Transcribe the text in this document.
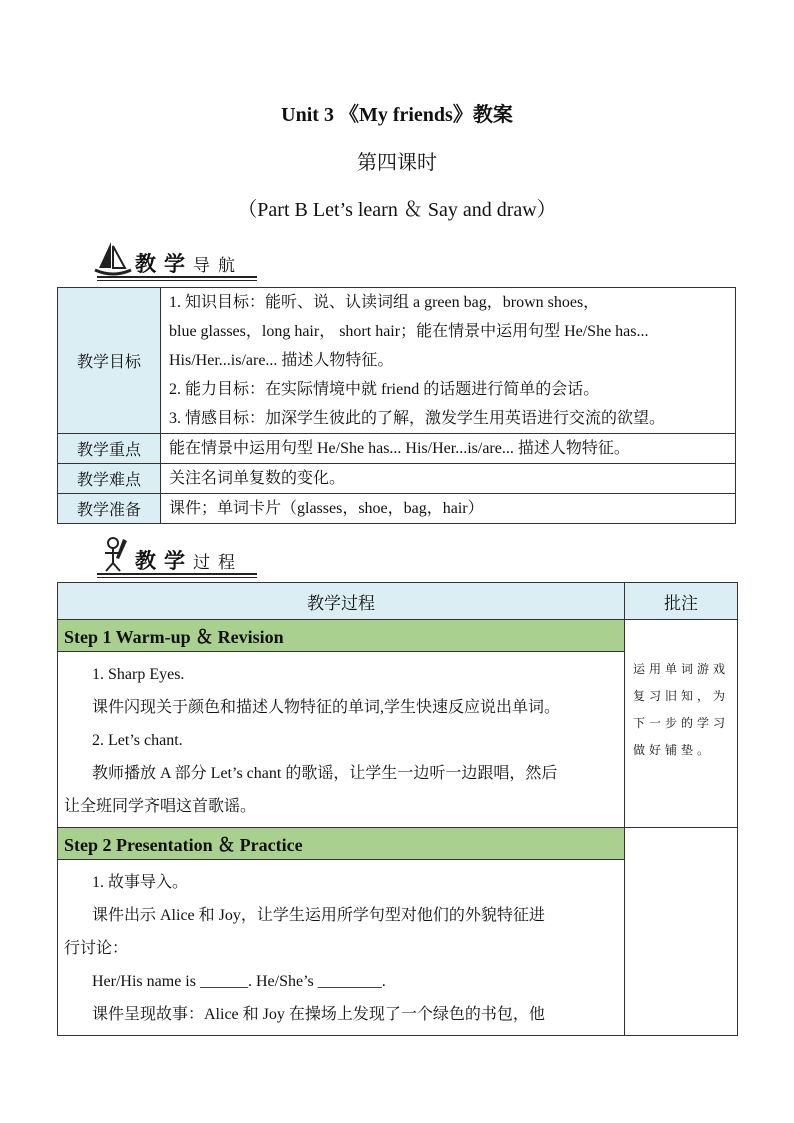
Unit 3 《My friends》教案
第四课时
（Part B Let’s learn ＆ Say and draw）
教学导航
教学目标	1. 知识目标：能听、说、认读词组 a green bag，brown shoes，
blue glasses，long hair， short hair；能在情景中运用句型 He/She has...
His/Her...is/are... 描述人物特征。
2. 能力目标：在实际情境中就 friend 的话题进行简单的会话。
3. 情感目标：加深学生彼此的了解，激发学生用英语进行交流的欲望。

教学重点	能在情景中运用句型 He/She has... His/Her...is/are... 描述人物特征。
教学难点	关注名词单复数的变化。
教学准备	课件；单词卡片（glasses，shoe，bag，hair）
教学过程
教学过程	批注
Step 1 Warm-up ＆ Revision	运用单词游戏复习旧知，为下一步的学习做好铺垫。

1. Sharp Eyes.
课件闪现关于颜色和描述人物特征的单词,学生快速反应说出单词。
2. Let’s chant.
教师播放 A 部分 Let’s chant 的歌谣，让学生一边听一边跟唱，然后
让全班同学齐唱这首歌谣。	

Step 2 Presentation ＆ Practice	

1. 故事导入。
课件出示 Alice 和 Joy，让学生运用所学句型对他们的外貌特征进
行讨论：
Her/His name is ______. He/She’s ________.
课件呈现故事：Alice 和 Joy 在操场上发现了一个绿色的书包，他	
